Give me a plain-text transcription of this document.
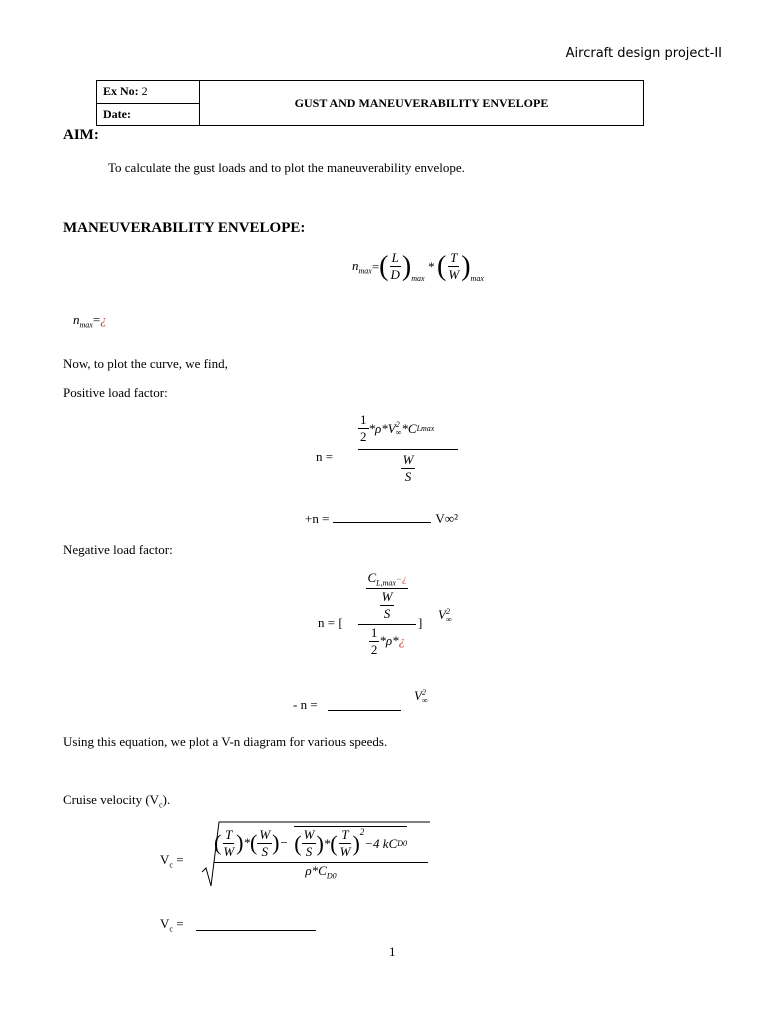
Aircraft design project-II
Ex No: 2	GUST AND MANEUVERABILITY ENVELOPE
Date:
AIM:
To calculate the gust loads and to plot the maneuverability envelope.
MANEUVERABILITY ENVELOPE:
$n_{max}$ = ( $\frac{L}{D} )_{max}$
* ( $\frac{T}{W} )_{max}$
$n_{max}=¿$
Now, to plot the curve, we find,
Positive load factor:
n =
$\frac{1}{2} *\rho*V$ 2
∞ *C Lmax
$\frac{W}{S}$
+n =	V∞²
Negative load factor:
n = [
$C_{L,max}-¿$
$\frac{W}{S}$
$\frac{1}{2} *\rho*$ ¿
]
V 2
∞
- n =
V 2
∞
Using this equation, we plot a V-n diagram for various speeds.
Cruise velocity $(V_c)$.
$V_c$ =
( $\frac{T}{W}$ ) * ( $\frac{W}{S}$ ) − ( $\frac{W}{S}$ ) * ( $\frac{T}{W} )^2$
−4 kC D0
$\rho*C_{D0}$
$V_c$ =
1
